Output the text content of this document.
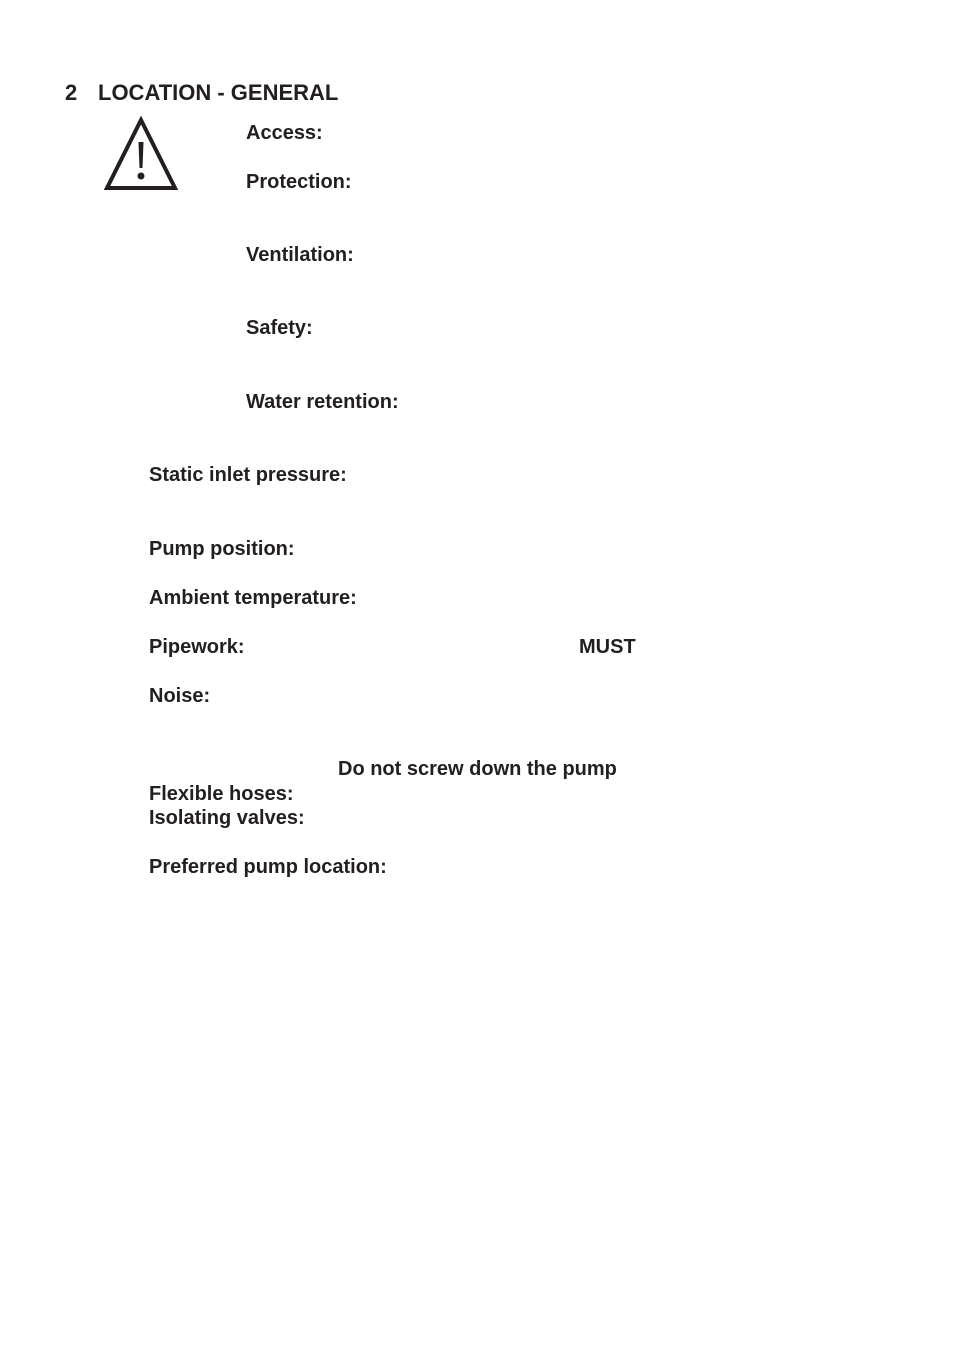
2 LOCATION - GENERAL
Access:
Protection:
Ventilation:
Safety:
Water retention:
Static inlet pressure:
Pump position:
Ambient temperature:
Pipework:	MUST
Noise:
Do not screw down the pump
Flexible hoses:
Isolating valves:
Preferred pump location:
